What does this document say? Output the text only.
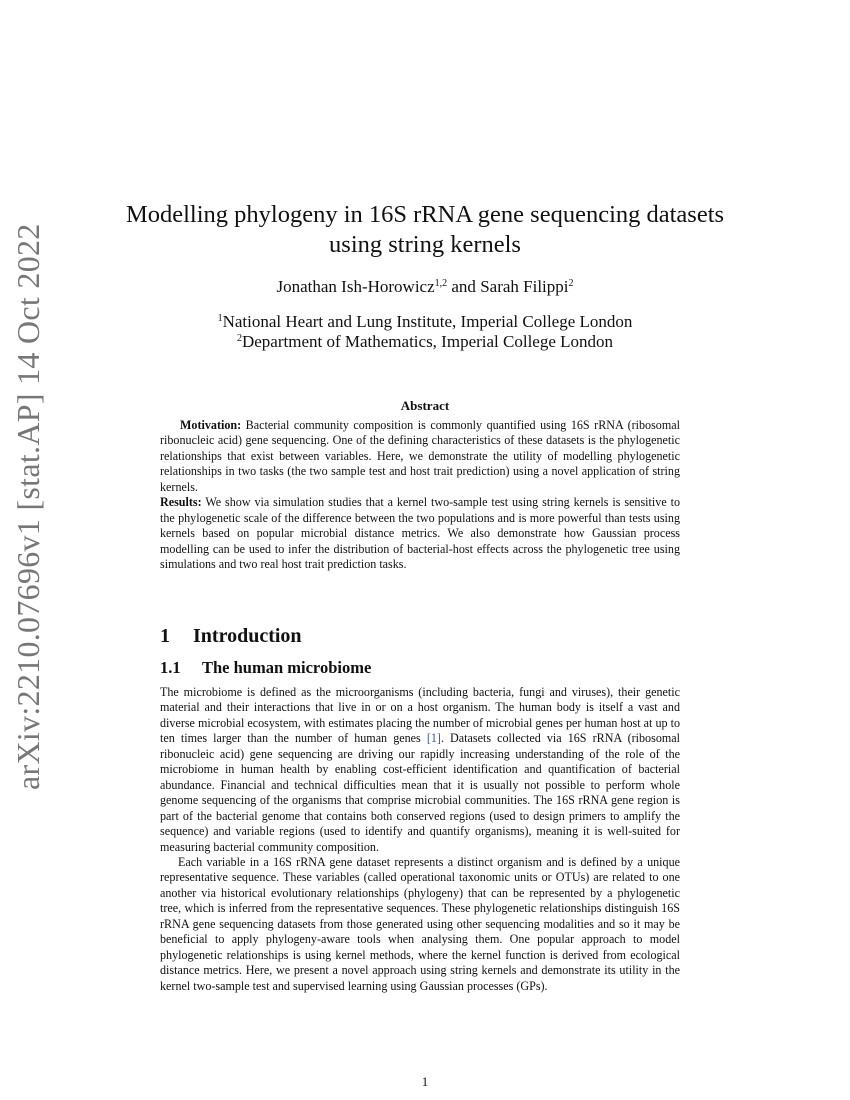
arXiv:2210.07696v1 [stat.AP] 14 Oct 2022
Modelling phylogeny in 16S rRNA gene sequencing datasets
using string kernels
Jonathan Ish-Horowicz$^{1,2}$ and Sarah Filippi$^2$
$^1$National Heart and Lung Institute, Imperial College London
$^2$Department of Mathematics, Imperial College London
Abstract

Motivation: Bacterial community composition is commonly quantified using 16S rRNA (ribosomal ribonucleic acid) gene sequencing. One of the defining characteristics of these datasets is the phylogenetic relationships that exist between variables. Here, we demonstrate the utility of modelling phylogenetic relationships in two tasks (the two sample test and host trait prediction) using a novel application of string kernels.

Results: We show via simulation studies that a kernel two-sample test using string kernels is sensitive to the phylogenetic scale of the difference between the two populations and is more powerful than tests using kernels based on popular microbial distance metrics. We also demonstrate how Gaussian process modelling can be used to infer the distribution of bacterial-host effects across the phylogenetic tree using simulations and two real host trait prediction tasks.

1 Introduction
1.1 The human microbiome

The microbiome is defined as the microorganisms (including bacteria, fungi and viruses), their genetic material and their interactions that live in or on a host organism. The human body is itself a vast and diverse microbial ecosystem, with estimates placing the number of microbial genes per human host at up to ten times larger than the number of human genes [1]. Datasets collected via 16S rRNA (ribosomal ribonucleic acid) gene sequencing are driving our rapidly increasing understanding of the role of the microbiome in human health by enabling cost-efficient identification and quantification of bacterial abundance. Financial and technical difficulties mean that it is usually not possible to perform whole genome sequencing of the organisms that comprise microbial communities. The 16S rRNA gene region is part of the bacterial genome that contains both conserved regions (used to design primers to amplify the sequence) and variable regions (used to identify and quantify organisms), meaning it is well-suited for measuring bacterial community composition.

Each variable in a 16S rRNA gene dataset represents a distinct organism and is defined by a unique representative sequence. These variables (called operational taxonomic units or OTUs) are related to one another via historical evolutionary relationships (phylogeny) that can be represented by a phylogenetic tree, which is inferred from the representative sequences. These phylogenetic relationships distinguish 16S rRNA gene sequencing datasets from those generated using other sequencing modalities and so it may be beneficial to apply phylogeny-aware tools when analysing them. One popular approach to model phylogenetic relationships is using kernel methods, where the kernel function is derived from ecological distance metrics. Here, we present a novel approach using string kernels and demonstrate its utility in the kernel two-sample test and supervised learning using Gaussian processes (GPs).

1
